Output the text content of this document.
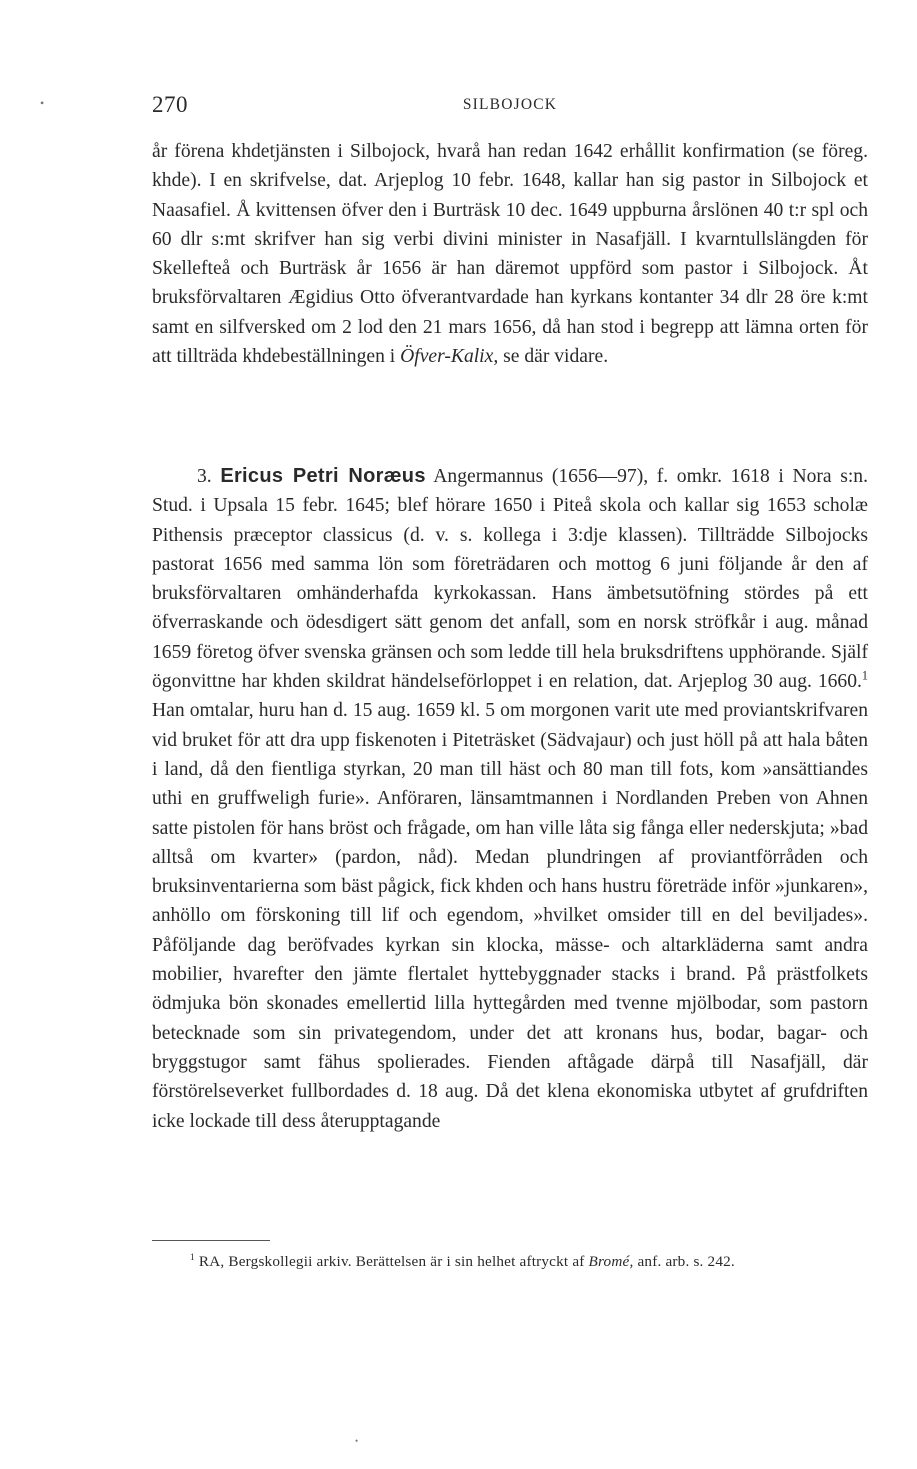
•	270	SILBOJOCK

år förena khdetjänsten i Silbojock, hvarå han redan 1642 erhållit konfirmation (se föreg. khde). I en skrifvelse, dat. Arjeplog 10 febr. 1648, kallar han sig pastor in Silbojock et Naasafiel. Å kvittensen öfver den i Burträsk 10 dec. 1649 uppburna årslönen 40 t:r spl och 60 dlr s:mt skrifver han sig verbi divini minister in Nasafjäll. I kvarntullslängden för Skellefteå och Burträsk år 1656 är han däremot uppförd som pastor i Silbojock. Åt bruksförvaltaren Ægidius Otto öfverantvardade han kyrkans kontanter 34 dlr 28 öre k:mt samt en silfversked om 2 lod den 21 mars 1656, då han stod i begrepp att lämna orten för att tillträda khdebeställningen i Öfver-Kalix, se där vidare.

3. Ericus Petri Noræus Angermannus (1656—97), f. omkr. 1618 i Nora s:n. Stud. i Upsala 15 febr. 1645; blef hörare 1650 i Piteå skola och kallar sig 1653 scholæ Pithensis præceptor classicus (d. v. s. kollega i 3:dje klassen). Tillträdde Silbojocks pastorat 1656 med samma lön som företrädaren och mottog 6 juni följande år den af bruksförvaltaren omhänderhafda kyrkokassan. Hans ämbetsutöfning stördes på ett öfverraskande och ödesdigert sätt genom det anfall, som en norsk ströfkår i aug. månad 1659 företog öfver svenska gränsen och som ledde till hela bruksdriftens upphörande. Själf ögonvittne har khden skildrat händelseförloppet i en relation, dat. Arjeplog 30 aug. 1660.$^1$ Han omtalar, huru han d. 15 aug. 1659 kl. 5 om morgonen varit ute med proviantskrifvaren vid bruket för att dra upp fiskenoten i Piteträsket (Sädvajaur) och just höll på att hala båten i land, då den fientliga styrkan, 20 man till häst och 80 man till fots, kom »ansättiandes uthi en gruffweligh furie». Anföraren, länsamtmannen i Nordlanden Preben von Ahnen satte pistolen för hans bröst och frågade, om han ville låta sig fånga eller nederskjuta; »bad alltså om kvarter» (pardon, nåd). Medan plundringen af proviantförråden och bruksinventarierna som bäst pågick, fick khden och hans hustru företräde inför »junkaren», anhöllo om förskoning till lif och egendom, »hvilket omsider till en del beviljades». Påföljande dag beröfvades kyrkan sin klocka, mässe- och altarkläderna samt andra mobilier, hvarefter den jämte flertalet hyttebyggnader stacks i brand. På prästfolkets ödmjuka bön skonades emellertid lilla hyttegården med tvenne mjölbodar, som pastorn betecknade som sin privategendom, under det att kronans hus, bodar, bagar- och bryggstugor samt fähus spolierades. Fienden aftågade därpå till Nasafjäll, där förstörelseverket fullbordades d. 18 aug. Då det klena ekonomiska utbytet af grufdriften icke lockade till dess återupptagande

$^1$ RA, Bergskollegii arkiv. Berättelsen är i sin helhet aftryckt af Bromé, anf. arb. s. 242.

•
